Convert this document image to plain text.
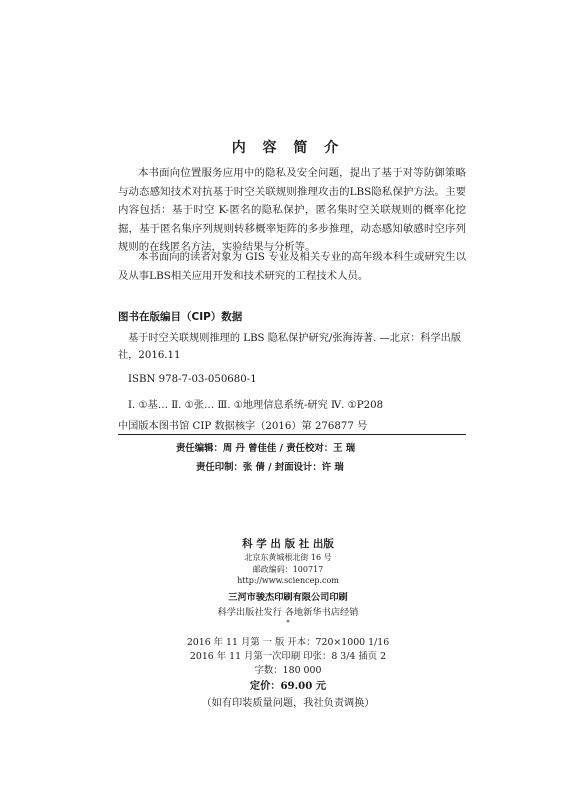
内 容 简 介

本书面向位置服务应用中的隐私及安全问题，提出了基于对等防御策略与动态感知技术对抗基于时空关联规则推理攻击的LBS隐私保护方法。主要内容包括：基于时空 K-匿名的隐私保护，匿名集时空关联规则的概率化挖掘，基于匿名集序列规则转移概率矩阵的多步推理，动态感知敏感时空序列规则的在线匿名方法，实验结果与分析等。

本书面向的读者对象为 GIS 专业及相关专业的高年级本科生或研究生以及从事LBS相关应用开发和技术研究的工程技术人员。

图书在版编目（CIP）数据

基于时空关联规则推理的 LBS 隐私保护研究/张海涛著. —北京：科学出版社，2016.11

ISBN 978-7-03-050680-1
Ⅰ. ①基… Ⅱ. ①张… Ⅲ. ①地理信息系统-研究 Ⅳ. ①P208
中国版本图书馆 CIP 数据核字（2016）第 276877 号
责任编辑：周 丹 曾佳佳 / 责任校对：王 瑞
责任印制：张 倩 / 封面设计：许 瑞
科 学 出 版 社 出版
北京东黄城根北街 16 号
邮政编码：100717
http://www.sciencep.com
三河市骏杰印刷有限公司印刷
科学出版社发行 各地新华书店经销
*
2016 年 11 月第 一 版 开本：720×1000 1/16
2016 年 11 月第一次印刷 印张：8 3/4 插页 2
字数：180 000
定价：69.00 元
（如有印装质量问题，我社负责调换）
